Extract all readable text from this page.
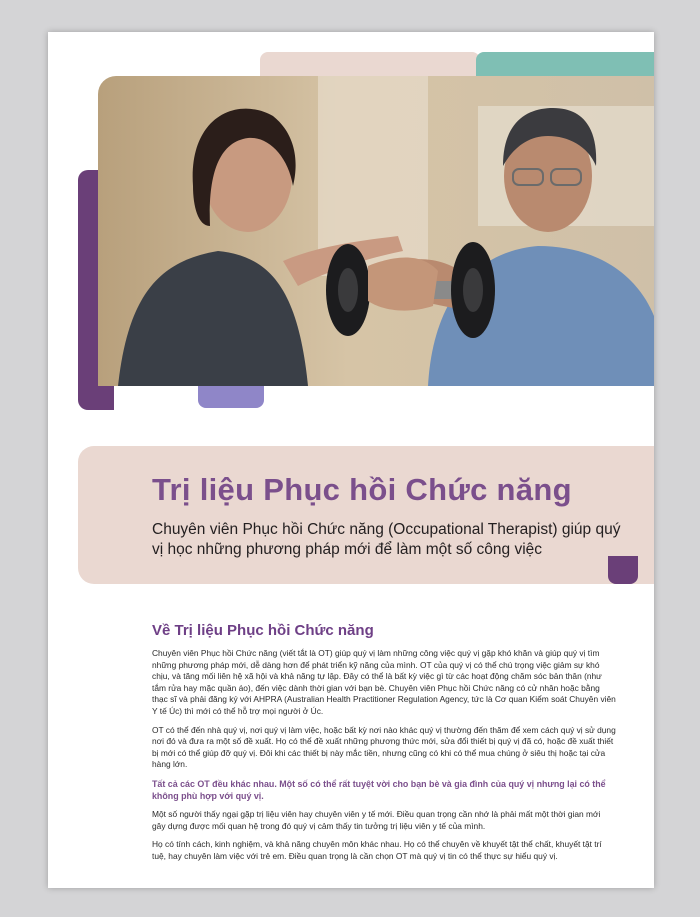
Trị liệu Phục hồi Chức năng

Chuyên viên Phục hồi Chức năng (Occupational Therapist) giúp quý vị học những phương pháp mới để làm một số công việc

Về Trị liệu Phục hồi Chức năng

Chuyên viên Phục hồi Chức năng (viết tắt là OT) giúp quý vị làm những công việc quý vị gặp khó khăn và giúp quý vị tìm những phương pháp mới, dễ dàng hơn để phát triển kỹ năng của mình. OT của quý vị có thể chú trọng việc giảm sự khó chịu, và tăng mối liên hệ xã hội và khả năng tự lập. Đây có thể là bất kỳ việc gì từ các hoạt động chăm sóc bản thân (như tắm rửa hay mặc quần áo), đến việc dành thời gian với bạn bè. Chuyên viên Phục hồi Chức năng có cử nhân hoặc bằng thạc sĩ và phải đăng ký với AHPRA (Australian Health Practitioner Regulation Agency, tức là Cơ quan Kiểm soát Chuyên viên Y tế Úc) thì mới có thể hỗ trợ mọi người ở Úc.

OT có thể đến nhà quý vị, nơi quý vị làm việc, hoặc bất kỳ nơi nào khác quý vị thường đến thăm để xem cách quý vị sử dụng nơi đó và đưa ra một số đề xuất. Họ có thể đề xuất những phương thức mới, sửa đổi thiết bị quý vị đã có, hoặc đề xuất thiết bị mới có thể giúp đỡ quý vị. Đôi khi các thiết bị này mắc tiền, nhưng cũng có khi có thể mua chúng ở siêu thị hoặc tại cửa hàng lớn.

Tất cả các OT đều khác nhau. Một số có thể rất tuyệt vời cho bạn bè và gia đình của quý vị nhưng lại có thể không phù hợp với quý vị.

Một số người thấy ngại gặp trị liệu viên hay chuyên viên y tế mới. Điều quan trọng cần nhớ là phải mất một thời gian mới gây dựng được mối quan hệ trong đó quý vị cảm thấy tin tưởng trị liệu viên y tế của mình.

Họ có tính cách, kinh nghiệm, và khả năng chuyên môn khác nhau. Họ có thể chuyên về khuyết tật thể chất, khuyết tật trí tuệ, hay chuyên làm việc với trẻ em. Điều quan trọng là cần chọn OT mà quý vị tin có thể thực sự hiểu quý vị.
